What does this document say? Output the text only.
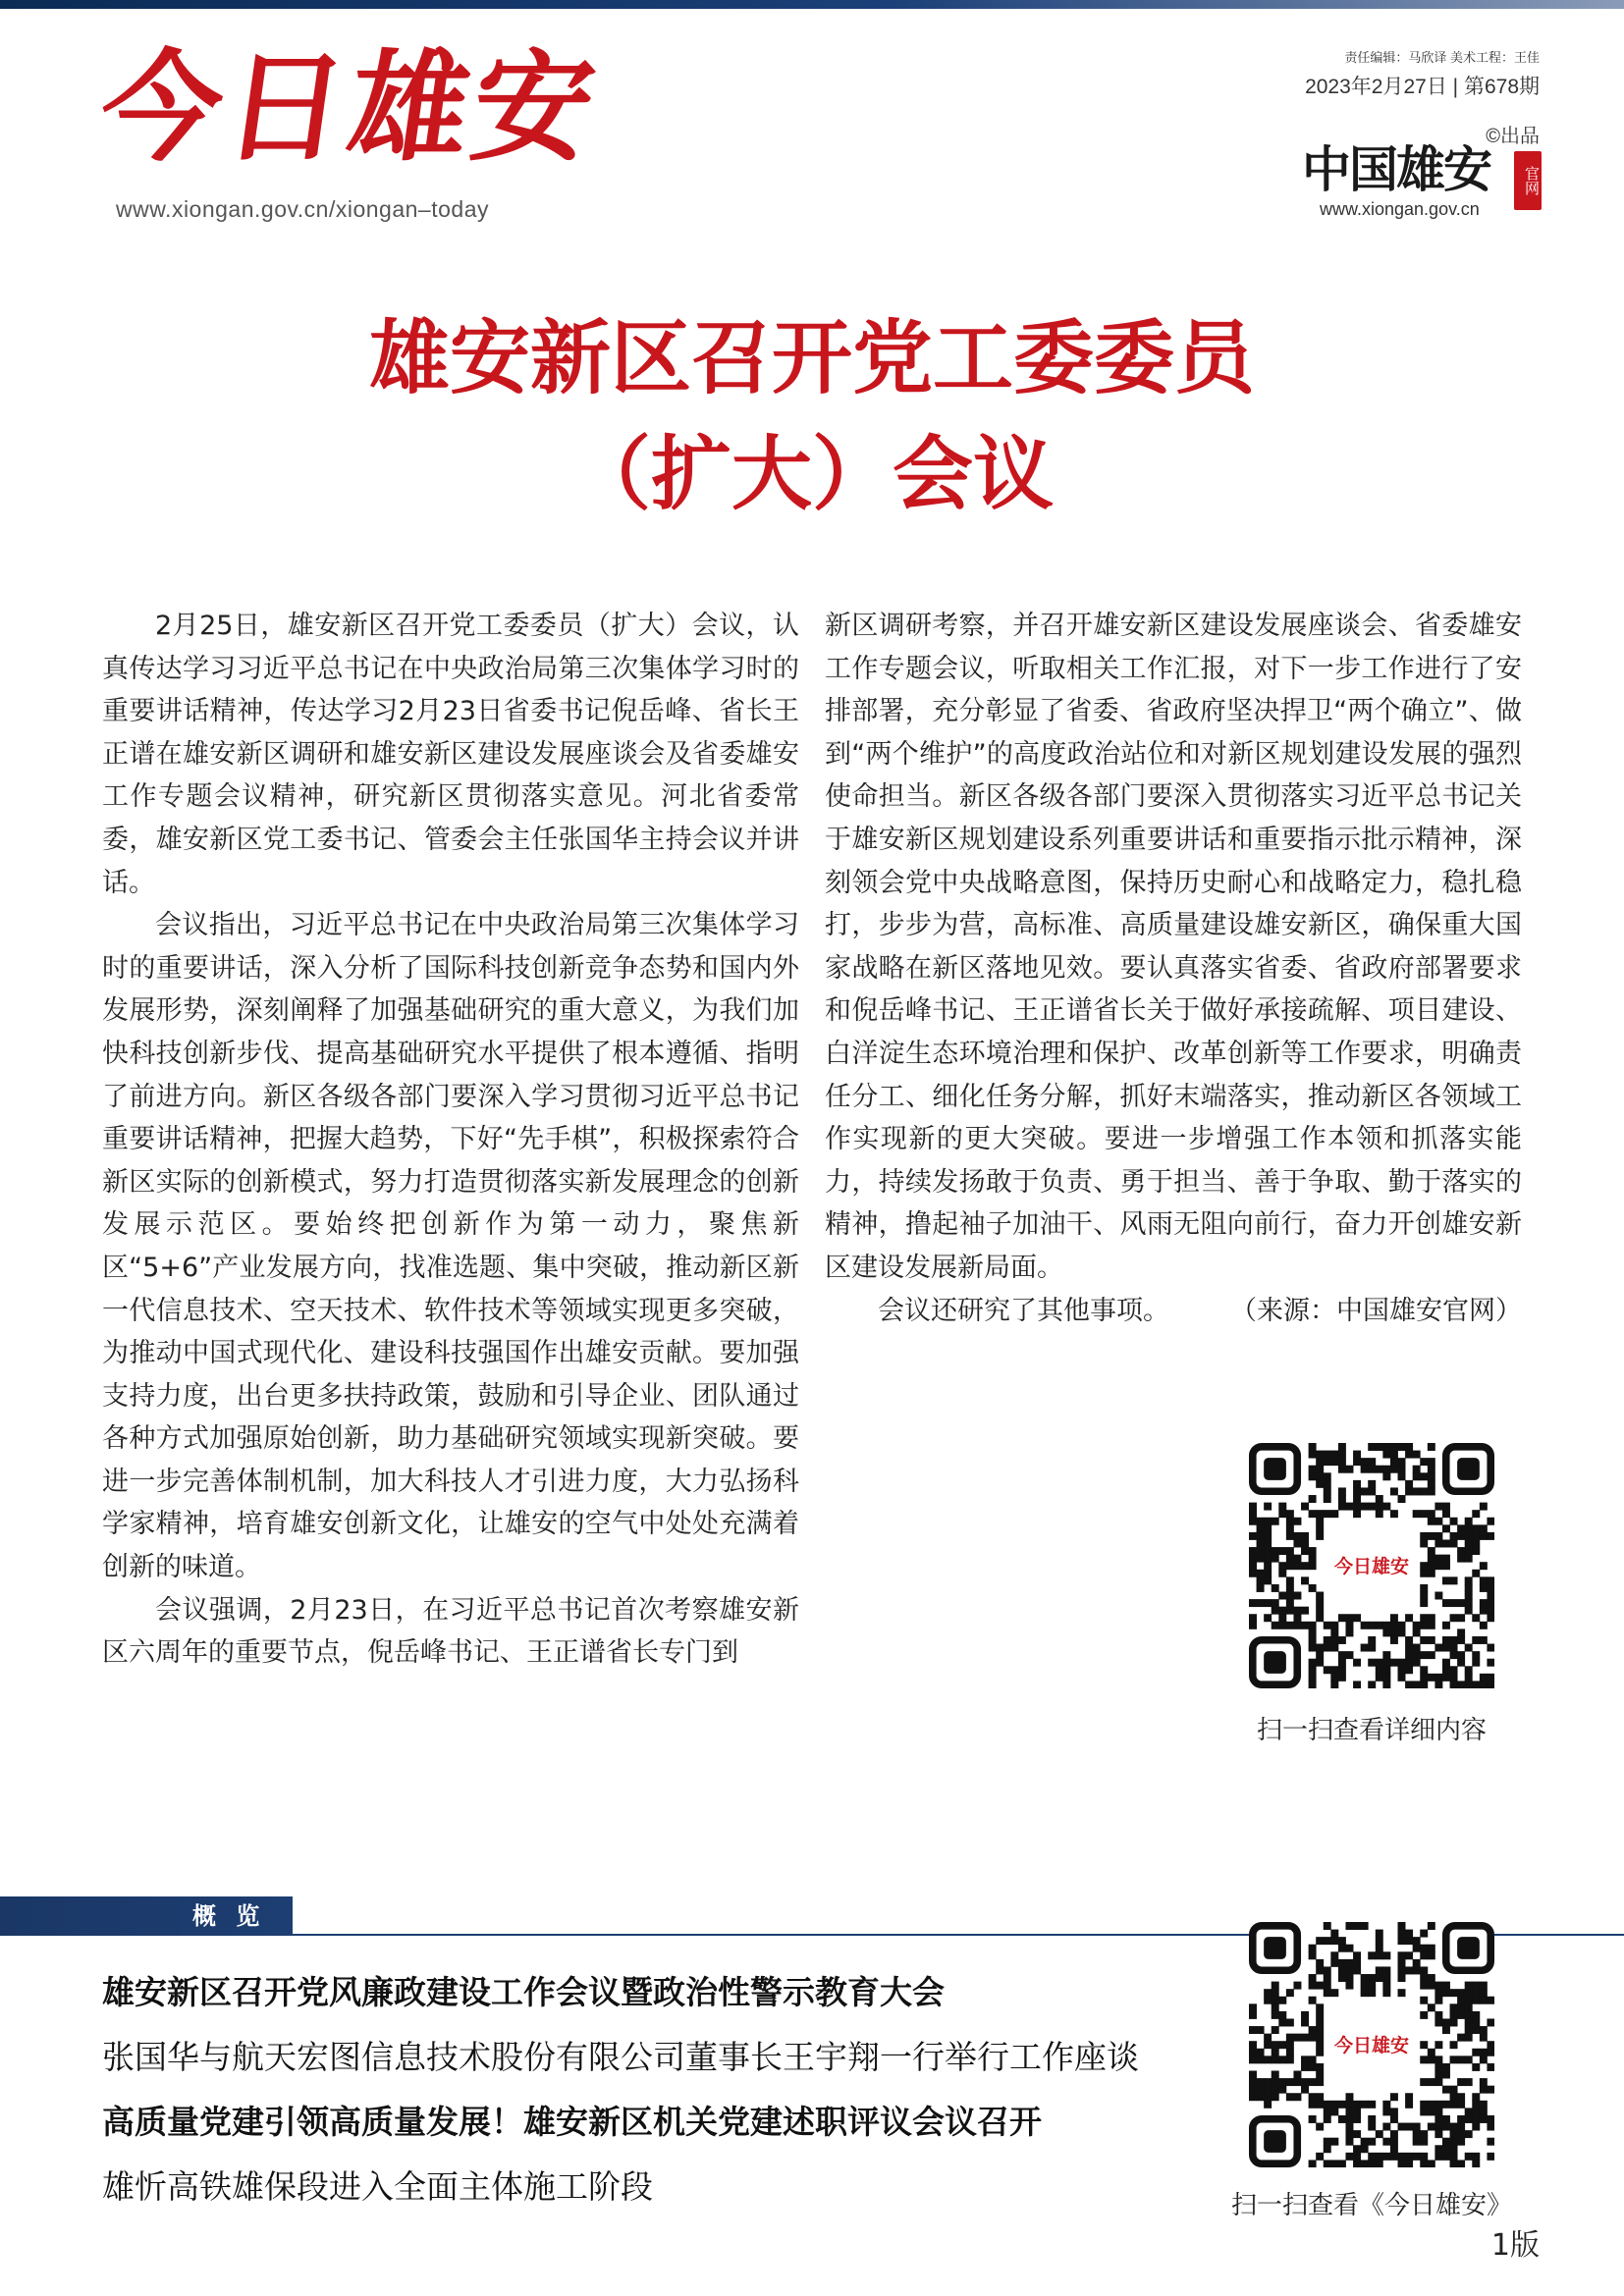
今日雄安
www.xiongan.gov.cn/xiongan–today
责任编辑：马欣译 美术工程：王佳
2023年2月27日 | 第678期
©出品
中国雄安	官网
www.xiongan.gov.cn
雄安新区召开党工委委员
（扩大）会议

2月25日，雄安新区召开党工委委员（扩大）会议，认真传达学习习近平总书记在中央政治局第三次集体学习时的重要讲话精神，传达学习2月23日省委书记倪岳峰、省长王正谱在雄安新区调研和雄安新区建设发展座谈会及省委雄安工作专题会议精神，研究新区贯彻落实意见。河北省委常委，雄安新区党工委书记、管委会主任张国华主持会议并讲话。

会议指出，习近平总书记在中央政治局第三次集体学习时的重要讲话，深入分析了国际科技创新竞争态势和国内外发展形势，深刻阐释了加强基础研究的重大意义，为我们加快科技创新步伐、提高基础研究水平提供了根本遵循、指明了前进方向。新区各级各部门要深入学习贯彻习近平总书记重要讲话精神，把握大趋势，下好“先手棋”，积极探索符合新区实际的创新模式，努力打造贯彻落实新发展理念的创新发展示范区。要始终把创新作为第一动力，聚焦新区“5+6”产业发展方向，找准选题、集中突破，推动新区新一代信息技术、空天技术、软件技术等领域实现更多突破，为推动中国式现代化、建设科技强国作出雄安贡献。要加强支持力度，出台更多扶持政策，鼓励和引导企业、团队通过各种方式加强原始创新，助力基础研究领域实现新突破。要进一步完善体制机制，加大科技人才引进力度，大力弘扬科学家精神，培育雄安创新文化，让雄安的空气中处处充满着创新的味道。

会议强调，2月23日，在习近平总书记首次考察雄安新区六周年的重要节点，倪岳峰书记、王正谱省长专门到

新区调研考察，并召开雄安新区建设发展座谈会、省委雄安工作专题会议，听取相关工作汇报，对下一步工作进行了安排部署，充分彰显了省委、省政府坚决捍卫“两个确立”、做到“两个维护”的高度政治站位和对新区规划建设发展的强烈使命担当。新区各级各部门要深入贯彻落实习近平总书记关于雄安新区规划建设系列重要讲话和重要指示批示精神，深刻领会党中央战略意图，保持历史耐心和战略定力，稳扎稳打，步步为营，高标准、高质量建设雄安新区，确保重大国家战略在新区落地见效。要认真落实省委、省政府部署要求和倪岳峰书记、王正谱省长关于做好承接疏解、项目建设、白洋淀生态环境治理和保护、改革创新等工作要求，明确责任分工、细化任务分解，抓好末端落实，推动新区各领域工作实现新的更大突破。要进一步增强工作本领和抓落实能力，持续发扬敢于负责、勇于担当、善于争取、勤于落实的精神，撸起袖子加油干、风雨无阻向前行，奋力开创雄安新区建设发展新局面。

会议还研究了其他事项。	（来源：中国雄安官网）

今日雄安
扫一扫查看详细内容
概 览
雄安新区召开党风廉政建设工作会议暨政治性警示教育大会
张国华与航天宏图信息技术股份有限公司董事长王宇翔一行举行工作座谈
高质量党建引领高质量发展！雄安新区机关党建述职评议会议召开
雄忻高铁雄保段进入全面主体施工阶段
今日雄安
扫一扫查看《今日雄安》
1版
